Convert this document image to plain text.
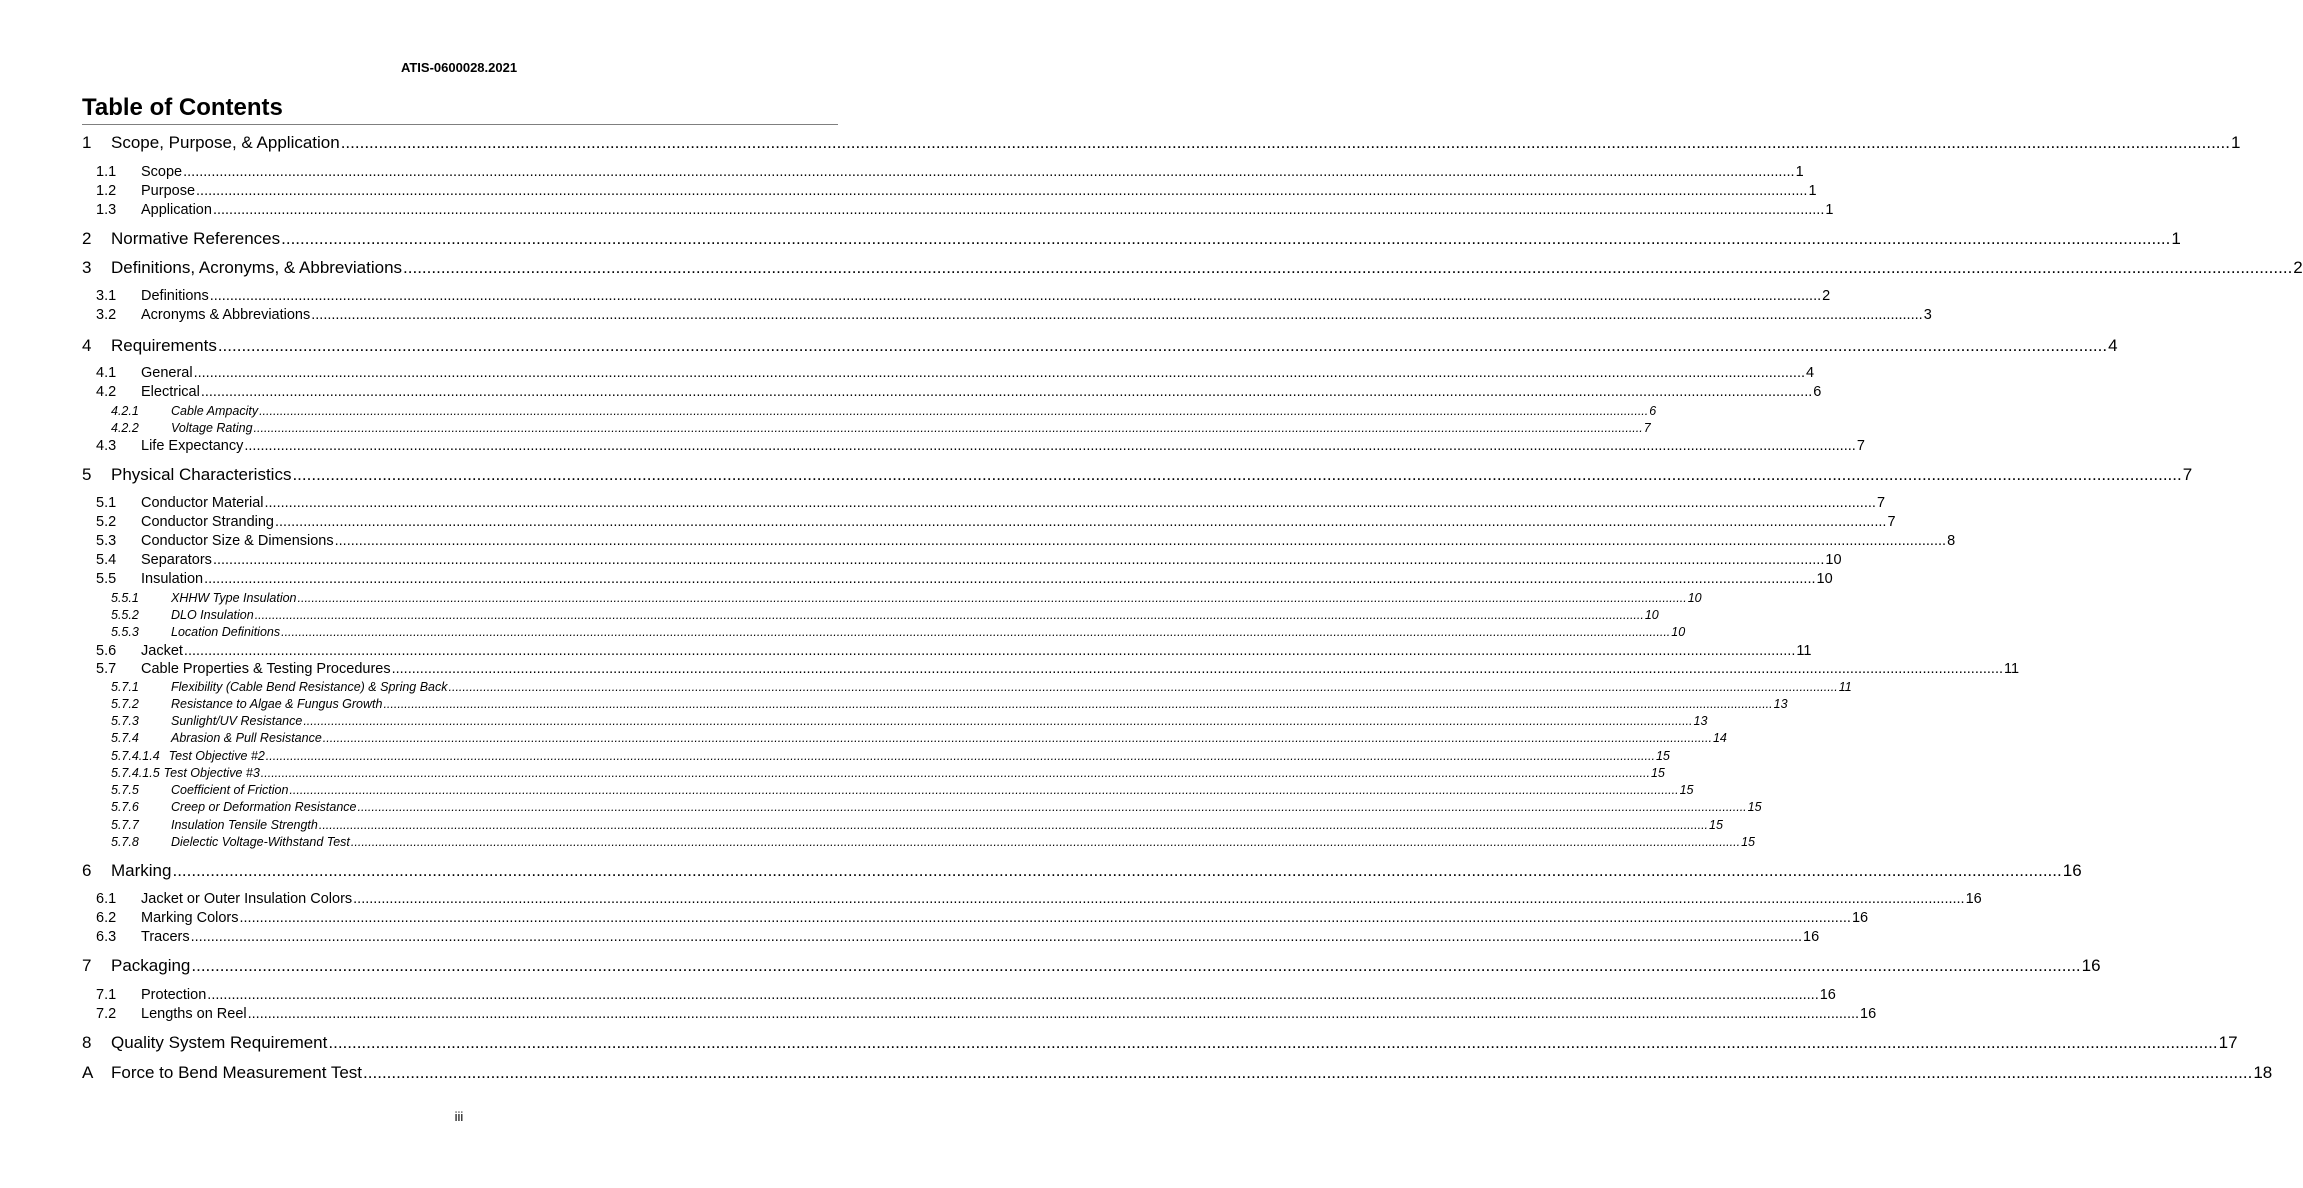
ATIS-0600028.2021
Table of Contents
1	Scope, Purpose, & Application ................................................................................................................................................................................................................................................................................................................................................................................................................ 1
1.1	Scope ................................................................................................................................................................................................................................................................................................................................................................................................................ 1
1.2	Purpose ................................................................................................................................................................................................................................................................................................................................................................................................................ 1
1.3	Application ................................................................................................................................................................................................................................................................................................................................................................................................................ 1
2	Normative References ................................................................................................................................................................................................................................................................................................................................................................................................................ 1
3	Definitions, Acronyms, & Abbreviations ................................................................................................................................................................................................................................................................................................................................................................................................................ 2
3.1	Definitions ................................................................................................................................................................................................................................................................................................................................................................................................................ 2
3.2	Acronyms & Abbreviations ................................................................................................................................................................................................................................................................................................................................................................................................................ 3
4	Requirements ................................................................................................................................................................................................................................................................................................................................................................................................................ 4
4.1	General ................................................................................................................................................................................................................................................................................................................................................................................................................ 4
4.2	Electrical ................................................................................................................................................................................................................................................................................................................................................................................................................ 6
4.2.1	Cable Ampacity ................................................................................................................................................................................................................................................................................................................................................................................................................ 6
4.2.2	Voltage Rating ................................................................................................................................................................................................................................................................................................................................................................................................................ 7
4.3	Life Expectancy ................................................................................................................................................................................................................................................................................................................................................................................................................ 7
5	Physical Characteristics ................................................................................................................................................................................................................................................................................................................................................................................................................ 7
5.1	Conductor Material ................................................................................................................................................................................................................................................................................................................................................................................................................ 7
5.2	Conductor Stranding ................................................................................................................................................................................................................................................................................................................................................................................................................ 7
5.3	Conductor Size & Dimensions ................................................................................................................................................................................................................................................................................................................................................................................................................ 8
5.4	Separators ................................................................................................................................................................................................................................................................................................................................................................................................................ 10
5.5	Insulation ................................................................................................................................................................................................................................................................................................................................................................................................................ 10
5.5.1	XHHW Type Insulation ................................................................................................................................................................................................................................................................................................................................................................................................................ 10
5.5.2	DLO Insulation ................................................................................................................................................................................................................................................................................................................................................................................................................ 10
5.5.3	Location Definitions ................................................................................................................................................................................................................................................................................................................................................................................................................ 10
5.6	Jacket ................................................................................................................................................................................................................................................................................................................................................................................................................ 11
5.7	Cable Properties & Testing Procedures ................................................................................................................................................................................................................................................................................................................................................................................................................ 11
5.7.1	Flexibility (Cable Bend Resistance) & Spring Back ................................................................................................................................................................................................................................................................................................................................................................................................................ 11
5.7.2	Resistance to Algae & Fungus Growth ................................................................................................................................................................................................................................................................................................................................................................................................................ 13
5.7.3	Sunlight/UV Resistance ................................................................................................................................................................................................................................................................................................................................................................................................................ 13
5.7.4	Abrasion & Pull Resistance ................................................................................................................................................................................................................................................................................................................................................................................................................ 14
5.7.4.1.4 Test Objective #2 ................................................................................................................................................................................................................................................................................................................................................................................................................ 15
5.7.4.1.5 Test Objective #3 ................................................................................................................................................................................................................................................................................................................................................................................................................ 15
5.7.5	Coefficient of Friction ................................................................................................................................................................................................................................................................................................................................................................................................................ 15
5.7.6	Creep or Deformation Resistance ................................................................................................................................................................................................................................................................................................................................................................................................................ 15
5.7.7	Insulation Tensile Strength ................................................................................................................................................................................................................................................................................................................................................................................................................ 15
5.7.8	Dielectic Voltage-Withstand Test ................................................................................................................................................................................................................................................................................................................................................................................................................ 15
6	Marking ................................................................................................................................................................................................................................................................................................................................................................................................................ 16
6.1	Jacket or Outer Insulation Colors ................................................................................................................................................................................................................................................................................................................................................................................................................ 16
6.2	Marking Colors ................................................................................................................................................................................................................................................................................................................................................................................................................ 16
6.3	Tracers ................................................................................................................................................................................................................................................................................................................................................................................................................ 16
7	Packaging ................................................................................................................................................................................................................................................................................................................................................................................................................ 16
7.1	Protection ................................................................................................................................................................................................................................................................................................................................................................................................................ 16
7.2	Lengths on Reel ................................................................................................................................................................................................................................................................................................................................................................................................................ 16
8	Quality System Requirement ................................................................................................................................................................................................................................................................................................................................................................................................................ 17
A	Force to Bend Measurement Test ................................................................................................................................................................................................................................................................................................................................................................................................................ 18
iii
